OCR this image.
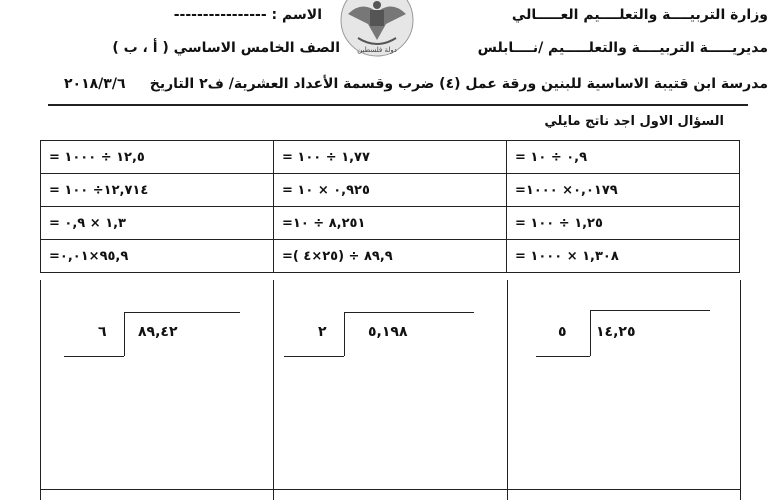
وزارة التربيــــة والتعلــــيم العـــــالي
الاسم : ----------------
مديريـــــة التربيــــة والتعلـــــيم /نــــابلس
الصف الخامس الاساسي ( أ ، ب )
مدرسة ابن قتيبة الاساسية للبنين ورقة عمل (٤) ضرب وقسمة الأعداد العشرية/ ف٢ التاريخ
٢٠١٨/٣/٦
دولة فلسطين
السؤال الاول اجد ناتج مايلي
٠,٩ ÷ ١٠ =	١,٧٧ ÷ ١٠٠ =	١٢,٥ ÷ ١٠٠٠ =
٠,٠١٧٩× ١٠٠٠=	٠,٩٢٥ × ١٠ =	١٢,٧١٤÷ ١٠٠ =
١,٢٥ ÷ ١٠٠ =	٨,٢٥١ ÷ ١٠=	١,٣ × ٠,٩ =
١,٣٠٨ × ١٠٠٠ =	٨٩,٩ ÷ (٢٥×٤ )=	٩٥,٩×٠,٠١=
٥ ١٤,٢٥
٢	٥,١٩٨
٦ ٨٩,٤٢
